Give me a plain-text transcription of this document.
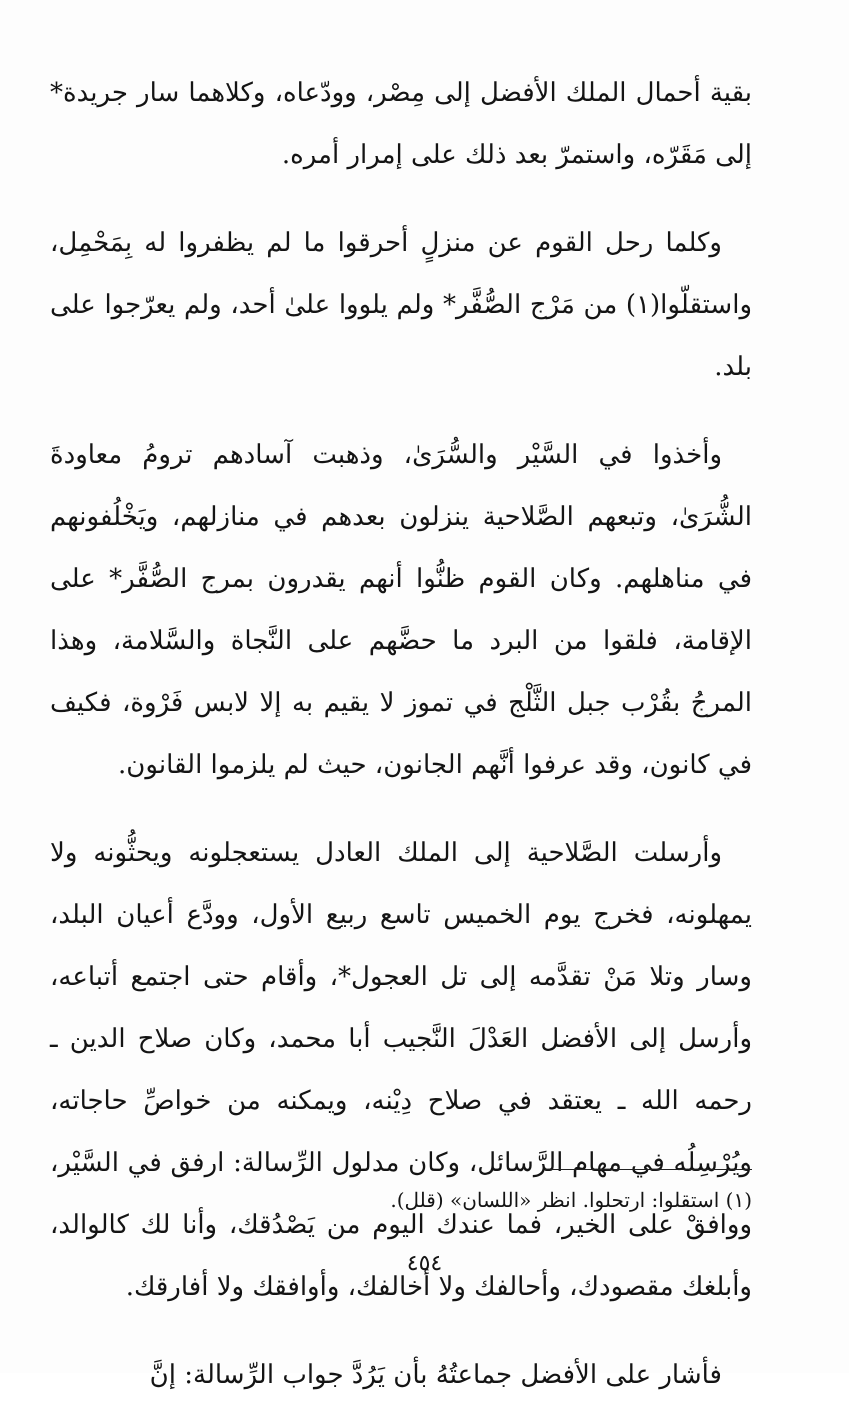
بقية أحمال الملك الأفضل إلى مِصْر، وودّعاه، وكلاهما سار جريدة* إلى مَقَرّه، واستمرّ بعد ذلك على إمرار أمره.

وكلما رحل القوم عن منزلٍ أحرقوا ما لم يظفروا له بِمَحْمِل، واستقلّوا(١) من مَرْج الصُّفَّر* ولم يلووا علىٰ أحد، ولم يعرّجوا على بلد.

وأخذوا في السَّيْر والسُّرَىٰ، وذهبت آسادهم ترومُ معاودةَ الشُّرَىٰ، وتبعهم الصَّلاحية ينزلون بعدهم في منازلهم، ويَخْلُفونهم في مناهلهم. وكان القوم ظنُّوا أنهم يقدرون بمرج الصُّفَّر* على الإقامة، فلقوا من البرد ما حضَّهم على النَّجاة والسَّلامة، وهذا المرجُ بقُرْب جبل الثَّلْج في تموز لا يقيم به إلا لابس فَرْوة، فكيف في كانون، وقد عرفوا أنَّهم الجانون، حيث لم يلزموا القانون.

وأرسلت الصَّلاحية إلى الملك العادل يستعجلونه ويحثُّونه ولا يمهلونه، فخرج يوم الخميس تاسع ربيع الأول، وودَّع أعيان البلد، وسار وتلا مَنْ تقدَّمه إلى تل العجول*، وأقام حتى اجتمع أتباعه، وأرسل إلى الأفضل العَدْلَ النَّجيب أبا محمد، وكان صلاح الدين ـ رحمه الله ـ يعتقد في صلاح دِيْنه، ويمكنه من خواصِّ حاجاته، ويُرْسِلُه في مهام الرَّسائل، وكان مدلول الرِّسالة: ارفق في السَّيْر، ووافقْ على الخير، فما عندك اليوم من يَصْدُقك، وأنا لك كالوالد، وأبلغك مقصودك، وأحالفك ولا أخالفك، وأوافقك ولا أفارقك.

فأشار على الأفضل جماعتُهُ بأن يَرُدَّ جواب الرِّسالة: إنَّ

(١) استقلوا: ارتحلوا. انظر «اللسان» (قلل).
٤٥٤
